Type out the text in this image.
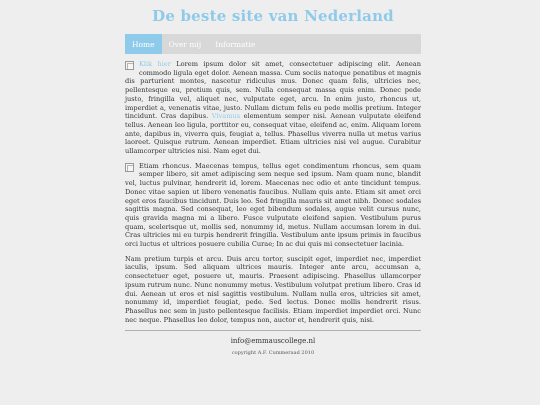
De beste site van Nederland
Home	Over mij	Informatie

Klik hier Lorem ipsum dolor sit amet, consectetuer adipiscing elit. Aenean commodo ligula eget dolor. Aenean massa. Cum sociis natoque penatibus et magnis dis parturient montes, nascetur ridiculus mus. Donec quam felis, ultricies nec, pellentesque eu, pretium quis, sem. Nulla consequat massa quis enim. Donec pede justo, fringilla vel, aliquet nec, vulputate eget, arcu. In enim justo, rhoncus ut, imperdiet a, venenatis vitae, justo. Nullam dictum felis eu pede mollis pretium. Integer tincidunt. Cras dapibus. Vivamus elementum semper nisi. Aenean vulputate eleifend tellus. Aenean leo ligula, porttitor eu, consequat vitae, eleifend ac, enim. Aliquam lorem ante, dapibus in, viverra quis, feugiat a, tellus. Phasellus viverra nulla ut metus varius laoreet. Quisque rutrum. Aenean imperdiet. Etiam ultricies nisi vel augue. Curabitur ullamcorper ultricies nisi. Nam eget dui.

Etiam rhoncus. Maecenas tempus, tellus eget condimentum rhoncus, sem quam semper libero, sit amet adipiscing sem neque sed ipsum. Nam quam nunc, blandit vel, luctus pulvinar, hendrerit id, lorem. Maecenas nec odio et ante tincidunt tempus. Donec vitae sapien ut libero venenatis faucibus. Nullam quis ante. Etiam sit amet orci eget eros faucibus tincidunt. Duis leo. Sed fringilla mauris sit amet nibh. Donec sodales sagittis magna. Sed consequat, leo eget bibendum sodales, augue velit cursus nunc, quis gravida magna mi a libero. Fusce vulputate eleifend sapien. Vestibulum purus quam, scelerisque ut, mollis sed, nonummy id, metus. Nullam accumsan lorem in dui. Cras ultricies mi eu turpis hendrerit fringilla. Vestibulum ante ipsum primis in faucibus orci luctus et ultrices posuere cubilia Curae; In ac dui quis mi consectetuer lacinia.

Nam pretium turpis et arcu. Duis arcu tortor, suscipit eget, imperdiet nec, imperdiet iaculis, ipsum. Sed aliquam ultrices mauris. Integer ante arcu, accumsan a, consectetuer eget, posuere ut, mauris. Praesent adipiscing. Phasellus ullamcorper ipsum rutrum nunc. Nunc nonummy metus. Vestibulum volutpat pretium libero. Cras id dui. Aenean ut eros et nisl sagittis vestibulum. Nullam nulla eros, ultricies sit amet, nonummy id, imperdiet feugiat, pede. Sed lectus. Donec mollis hendrerit risus. Phasellus nec sem in justo pellentesque facilisis. Etiam imperdiet imperdiet orci. Nunc nec neque. Phasellus leo dolor, tempus non, auctor et, hendrerit quis, nisi.

info@emmauscollege.nl
copyright A.F. Cummeraad 2010
